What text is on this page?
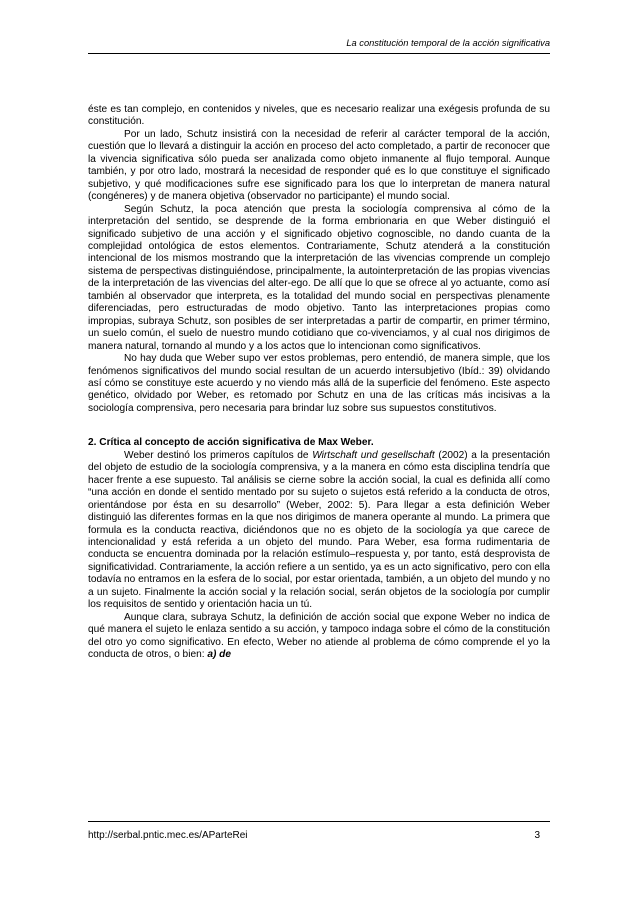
La constitución temporal de la acción significativa

éste es tan complejo, en contenidos y niveles, que es necesario realizar una exégesis profunda de su constitución.

Por un lado, Schutz insistirá con la necesidad de referir al carácter temporal de la acción, cuestión que lo llevará a distinguir la acción en proceso del acto completado, a partir de reconocer que la vivencia significativa sólo pueda ser analizada como objeto inmanente al flujo temporal. Aunque también, y por otro lado, mostrará la necesidad de responder qué es lo que constituye el significado subjetivo, y qué modificaciones sufre ese significado para los que lo interpretan de manera natural (congéneres) y de manera objetiva (observador no participante) el mundo social.

Según Schutz, la poca atención que presta la sociología comprensiva al cómo de la interpretación del sentido, se desprende de la forma embrionaria en que Weber distinguió el significado subjetivo de una acción y el significado objetivo cognoscible, no dando cuanta de la complejidad ontológica de estos elementos. Contrariamente, Schutz atenderá a la constitución intencional de los mismos mostrando que la interpretación de las vivencias comprende un complejo sistema de perspectivas distinguiéndose, principalmente, la autointerpretación de las propias vivencias de la interpretación de las vivencias del alter-ego. De allí que lo que se ofrece al yo actuante, como así también al observador que interpreta, es la totalidad del mundo social en perspectivas plenamente diferenciadas, pero estructuradas de modo objetivo. Tanto las interpretaciones propias como impropias, subraya Schutz, son posibles de ser interpretadas a partir de compartir, en primer término, un suelo común, el suelo de nuestro mundo cotidiano que co-vivenciamos, y al cual nos dirigimos de manera natural, tornando al mundo y a los actos que lo intencionan como significativos.

No hay duda que Weber supo ver estos problemas, pero entendió, de manera simple, que los fenómenos significativos del mundo social resultan de un acuerdo intersubjetivo (Ibíd.: 39) olvidando así cómo se constituye este acuerdo y no viendo más allá de la superficie del fenómeno. Este aspecto genético, olvidado por Weber, es retomado por Schutz en una de las críticas más incisivas a la sociología comprensiva, pero necesaria para brindar luz sobre sus supuestos constitutivos.

2. Crítica al concepto de acción significativa de Max Weber.

Weber destinó los primeros capítulos de Wirtschaft und gesellschaft (2002) a la presentación del objeto de estudio de la sociología comprensiva, y a la manera en cómo esta disciplina tendría que hacer frente a ese supuesto. Tal análisis se cierne sobre la acción social, la cual es definida allí como “una acción en donde el sentido mentado por su sujeto o sujetos está referido a la conducta de otros, orientándose por ésta en su desarrollo” (Weber, 2002: 5). Para llegar a esta definición Weber distinguió las diferentes formas en la que nos dirigimos de manera operante al mundo. La primera que formula es la conducta reactiva, diciéndonos que no es objeto de la sociología ya que carece de intencionalidad y está referida a un objeto del mundo. Para Weber, esa forma rudimentaria de conducta se encuentra dominada por la relación estímulo–respuesta y, por tanto, está desprovista de significatividad. Contrariamente, la acción refiere a un sentido, ya es un acto significativo, pero con ella todavía no entramos en la esfera de lo social, por estar orientada, también, a un objeto del mundo y no a un sujeto. Finalmente la acción social y la relación social, serán objetos de la sociología por cumplir los requisitos de sentido y orientación hacia un tú.

Aunque clara, subraya Schutz, la definición de acción social que expone Weber no indica de qué manera el sujeto le enlaza sentido a su acción, y tampoco indaga sobre el cómo de la constitución del otro yo como significativo. En efecto, Weber no atiende al problema de cómo comprende el yo la conducta de otros, o bien: a) de

http://serbal.pntic.mec.es/AParteRei	3
